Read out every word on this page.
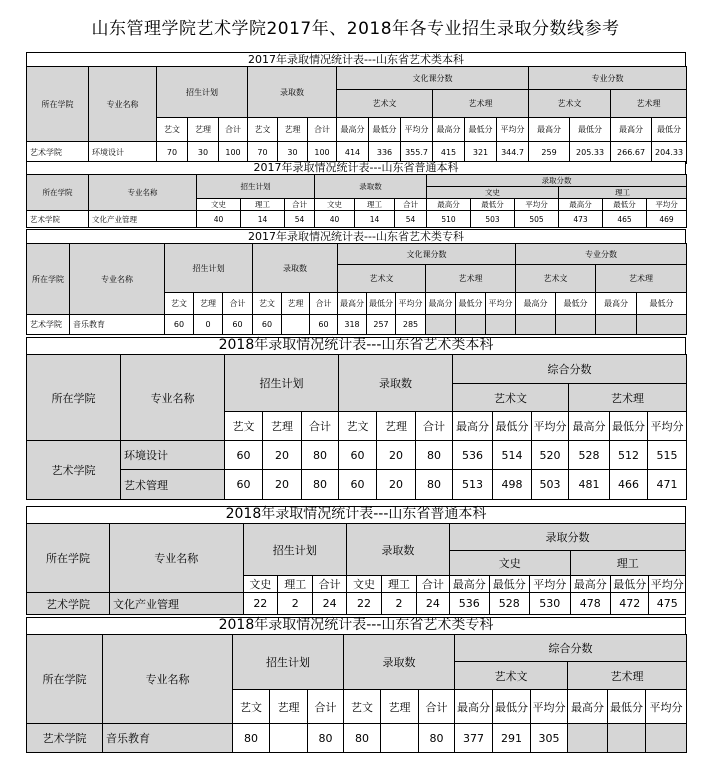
山东管理学院艺术学院2017年、2018年各专业招生录取分数线参考
2017年录取情况统计表---山东省艺术类本科
所在学院	专业名称	招生计划			录取数			文化课分数						专业分数			
								艺术文			艺术理			艺术文		艺术理	
		艺文	艺理	合计	艺文	艺理	合计	最高分	最低分	平均分	最高分	最低分	平均分	最高分	最低分	最高分	最低分
艺术学院	环境设计	70	30	100	70	30	100	414	336	355.7	415	321	344.7	259	205.33	266.67	204.33
2017年录取情况统计表---山东省普通本科
所在学院	专业名称	招生计划			录取数			录取分数					
								文史			理工		
		文史	理工	合计	文史	理工	合计	最高分	最低分	平均分	最高分	最低分	平均分
艺术学院	文化产业管理	40	14	54	40	14	54	510	503	505	473	465	469
2017年录取情况统计表---山东省艺术类专科
所在学院	专业名称	招生计划			录取数			文化课分数						专业分数			
								艺术文			艺术理			艺术文		艺术理	
		艺文	艺理	合计	艺文	艺理	合计	最高分	最低分	平均分	最高分	最低分	平均分	最高分	最低分	最高分	最低分
艺术学院	音乐教育	60	0	60	60		60	318	257	285							
2018年录取情况统计表---山东省艺术类本科
所在学院	专业名称	招生计划			录取数			综合分数					
								艺术文			艺术理		
		艺文	艺理	合计	艺文	艺理	合计	最高分	最低分	平均分	最高分	最低分	平均分
艺术学院	环境设计	60	20	80	60	20	80	536	514	520	528	512	515
	艺术管理	60	20	80	60	20	80	513	498	503	481	466	471
2018年录取情况统计表---山东省普通本科
所在学院	专业名称	招生计划			录取数			录取分数					
								文史			理工		
		文史	理工	合计	文史	理工	合计	最高分	最低分	平均分	最高分	最低分	平均分
艺术学院	文化产业管理	22	2	24	22	2	24	536	528	530	478	472	475
2018年录取情况统计表---山东省艺术类专科
所在学院	专业名称	招生计划			录取数			综合分数					
								艺术文			艺术理		
		艺文	艺理	合计	艺文	艺理	合计	最高分	最低分	平均分	最高分	最低分	平均分
艺术学院	音乐教育	80		80	80		80	377	291	305			
